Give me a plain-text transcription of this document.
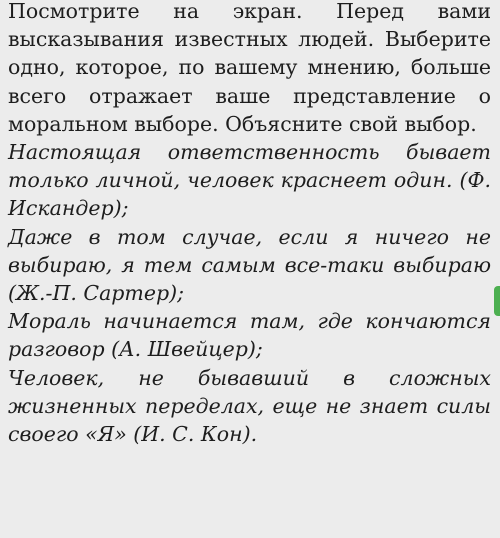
Посмотрите на экран. Перед вами высказывания известных людей. Выберите одно, которое, по вашему мнению, больше всего отражает ваше представление о моральном выборе. Объясните свой выбор.

Настоящая ответственность бывает только личной, человек краснеет один. (Ф. Искандер);

Даже в том случае, если я ничего не выбираю, я тем самым все-таки выбираю (Ж.-П. Сартер);

Мораль начинается там, где кончаются разговор (А. Швейцер);

Человек, не бывавший в сложных жизненных переделах, еще не знает силы своего «Я» (И. С. Кон).
